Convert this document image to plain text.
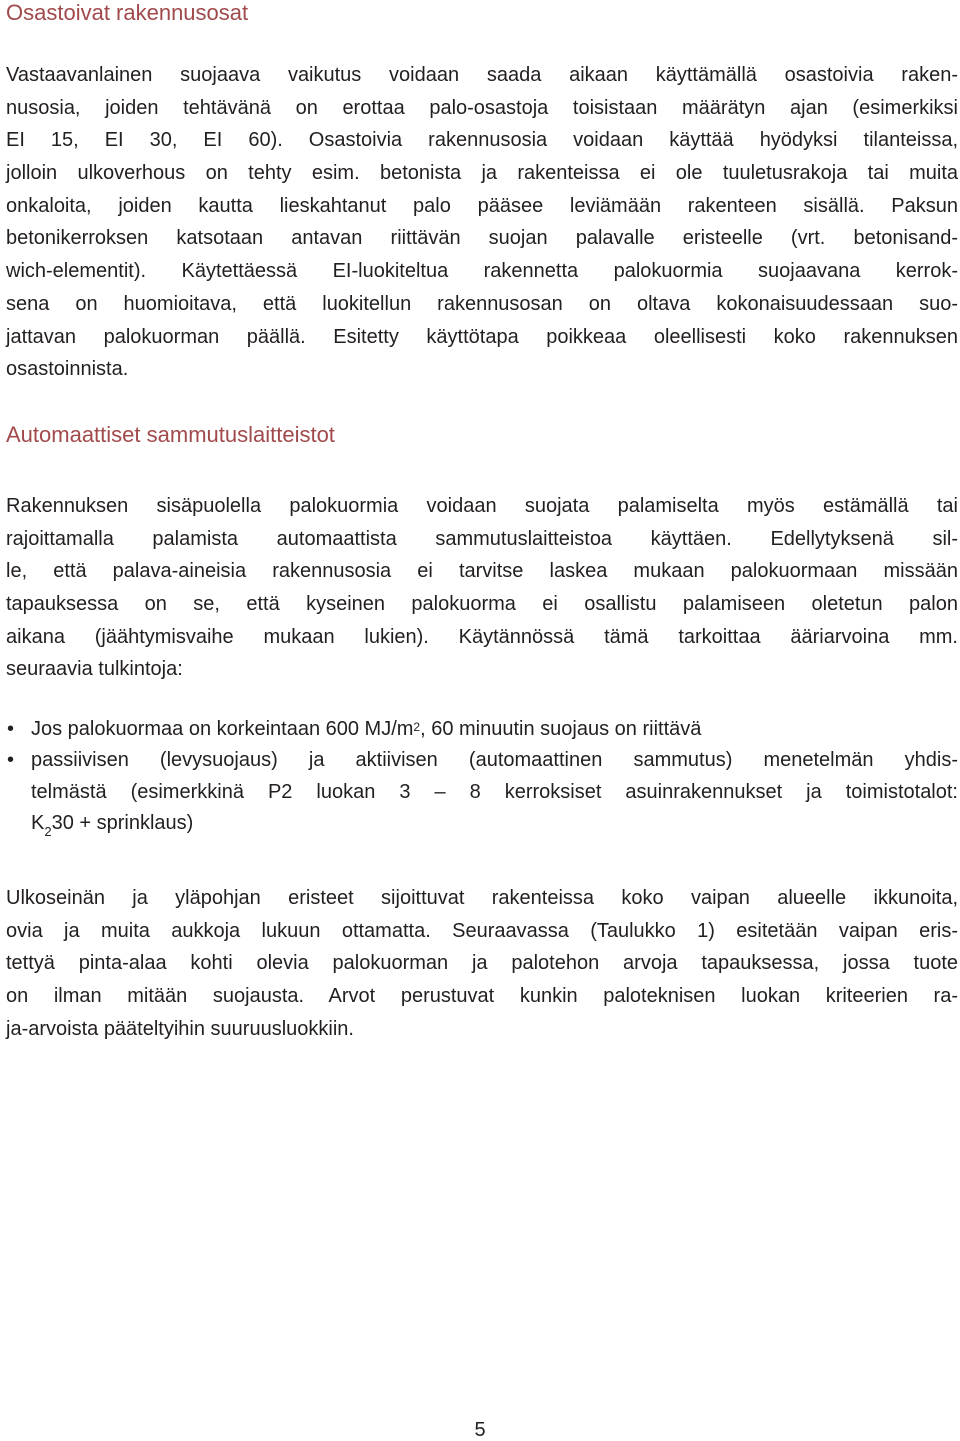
Osastoivat rakennusosat
Vastaavanlainen suojaava vaikutus voidaan saada aikaan käyttämällä osastoivia raken-
nusosia, joiden tehtävänä on erottaa palo-osastoja toisistaan määrätyn ajan (esimerkiksi
EI 15, EI 30, EI 60). Osastoivia rakennusosia voidaan käyttää hyödyksi tilanteissa,
jolloin ulkoverhous on tehty esim. betonista ja rakenteissa ei ole tuuletusrakoja tai muita
onkaloita, joiden kautta lieskahtanut palo pääsee leviämään rakenteen sisällä. Paksun
betonikerroksen katsotaan antavan riittävän suojan palavalle eristeelle (vrt. betonisand-
wich-elementit). Käytettäessä EI-luokiteltua rakennetta palokuormia suojaavana kerrok-
sena on huomioitava, että luokitellun rakennusosan on oltava kokonaisuudessaan suo-
jattavan palokuorman päällä. Esitetty käyttötapa poikkeaa oleellisesti koko rakennuksen
osastoinnista.
Automaattiset sammutuslaitteistot
Rakennuksen sisäpuolella palokuormia voidaan suojata palamiselta myös estämällä tai
rajoittamalla palamista automaattista sammutuslaitteistoa käyttäen. Edellytyksenä sil-
le, että palava-aineisia rakennusosia ei tarvitse laskea mukaan palokuormaan missään
tapauksessa on se, että kyseinen palokuorma ei osallistu palamiseen oletetun palon
aikana (jäähtymisvaihe mukaan lukien). Käytännössä tämä tarkoittaa ääriarvoina mm.
seuraavia tulkintoja:
• Jos palokuormaa on korkeintaan 600 $MJ/m^2$, 60 minuutin suojaus on riittävä
• passiivisen (levysuojaus) ja aktiivisen (automaattinen sammutus) menetelmän yhdis-
telmästä (esimerkkinä P2 luokan 3 – 8 kerroksiset asuinrakennukset ja toimistotalot:
$K_230$ + sprinklaus)
Ulkoseinän ja yläpohjan eristeet sijoittuvat rakenteissa koko vaipan alueelle ikkunoita,
ovia ja muita aukkoja lukuun ottamatta. Seuraavassa (Taulukko 1) esitetään vaipan eris-
tettyä pinta-alaa kohti olevia palokuorman ja palotehon arvoja tapauksessa, jossa tuote
on ilman mitään suojausta. Arvot perustuvat kunkin paloteknisen luokan kriteerien ra-
ja-arvoista pääteltyihin suuruusluokkiin.
5
